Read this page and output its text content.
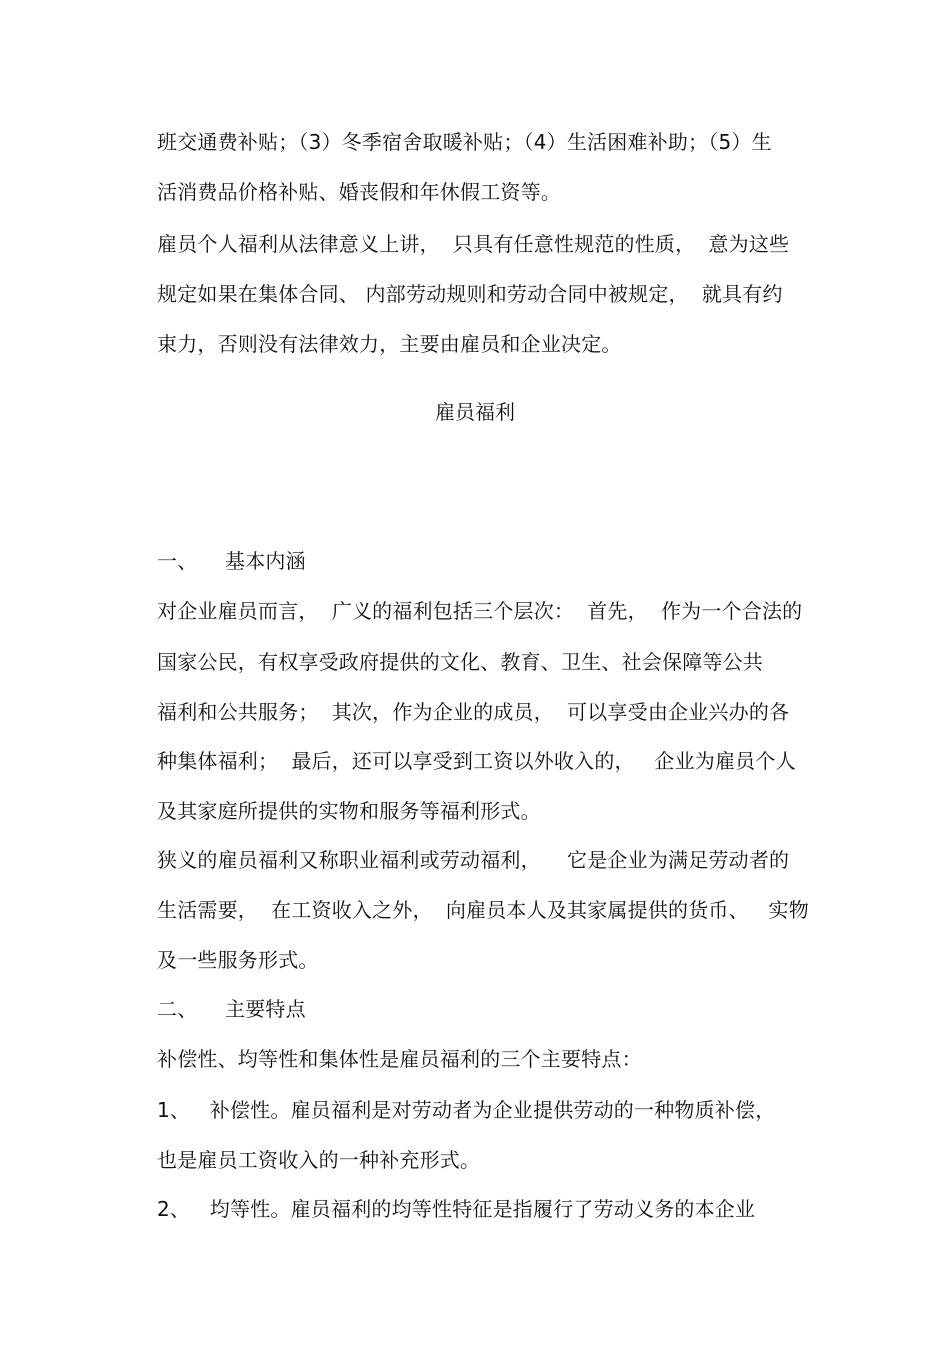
班交通费补贴；（3）冬季宿舍取暖补贴；（4）生活困难补助；（5）生
活消费品价格补贴、婚丧假和年休假工资等。
雇员个人福利从法律意义上讲，  只具有任意性规范的性质，  意为这些
规定如果在集体合同、 内部劳动规则和劳动合同中被规定，  就具有约
束力，否则没有法律效力，主要由雇员和企业决定。
雇员福利
一、 基本内涵
对企业雇员而言，  广义的福利包括三个层次：  首先，  作为一个合法的
国家公民，有权享受政府提供的文化、教育、卫生、社会保障等公共
福利和公共服务；  其次，作为企业的成员，  可以享受由企业兴办的各
种集体福利；  最后，还可以享受到工资以外收入的，   企业为雇员个人
及其家庭所提供的实物和服务等福利形式。
狭义的雇员福利又称职业福利或劳动福利，    它是企业为满足劳动者的
生活需要，  在工资收入之外，  向雇员本人及其家属提供的货币、   实物
及一些服务形式。
二、 主要特点
补偿性、均等性和集体性是雇员福利的三个主要特点：
1、   补偿性。雇员福利是对劳动者为企业提供劳动的一种物质补偿，
也是雇员工资收入的一种补充形式。
2、   均等性。雇员福利的均等性特征是指履行了劳动义务的本企业
